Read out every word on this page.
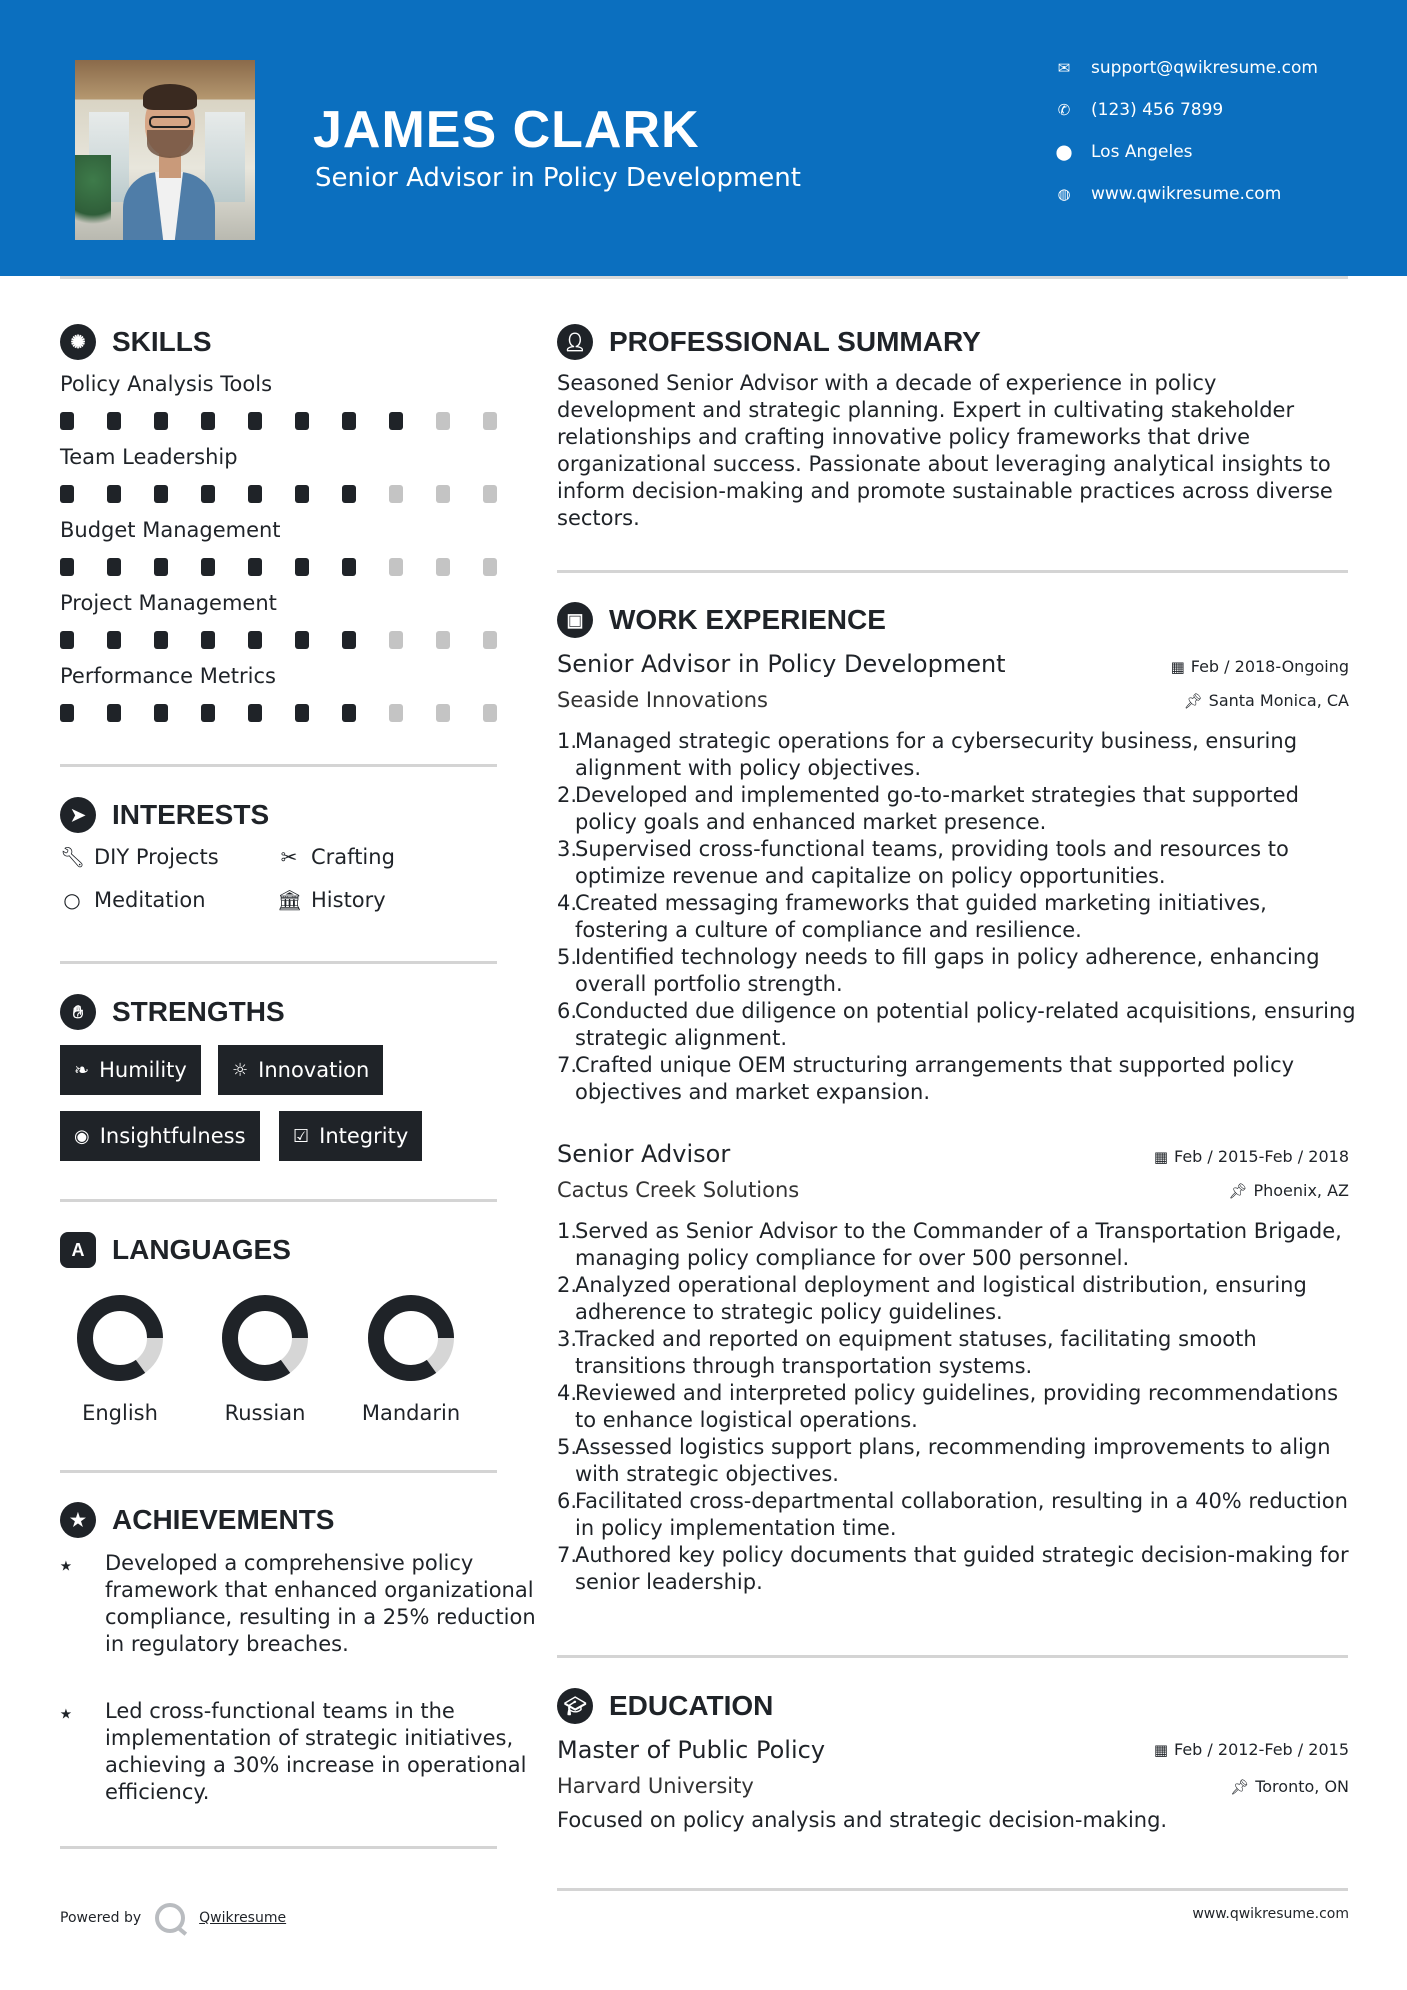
JAMES CLARK
Senior Advisor in Policy Development
✉ support@qwikresume.com
✆ (123) 456 7899
⬤ Los Angeles
◍ www.qwikresume.com
✺ SKILLS
Policy Analysis Tools
Team Leadership
Budget Management
Project Management
Performance Metrics
➤ INTERESTS
🔧︎ DIY Projects	✂ Crafting
○ Meditation	🏛︎ History
✋︎	STRENGTHS
❧ Humility	☼ Innovation
◉ Insightfulness	☑ Integrity
A LANGUAGES
English	Russian	Mandarin
★ ACHIEVEMENTS
⭑ Developed a comprehensive policy framework that enhanced organizational compliance, resulting in a 25% reduction in regulatory breaches.
⭑ Led cross-functional teams in the implementation of strategic initiatives, achieving a 30% increase in operational efficiency.
👤︎ PROFESSIONAL SUMMARY
Seasoned Senior Advisor with a decade of experience in policy development and strategic planning. Expert in cultivating stakeholder relationships and crafting innovative policy frameworks that drive organizational success. Passionate about leveraging analytical insights to inform decision-making and promote sustainable practices across diverse sectors.
▣ WORK EXPERIENCE
Senior Advisor in Policy Development	▦ Feb / 2018-Ongoing
Seaside Innovations	📌︎ Santa Monica, CA
1.
Managed strategic operations for a cybersecurity business, ensuring alignment with policy objectives.
2.
Developed and implemented go-to-market strategies that supported policy goals and enhanced market presence.
3.
Supervised cross-functional teams, providing tools and resources to optimize revenue and capitalize on policy opportunities.
4.
Created messaging frameworks that guided marketing initiatives, fostering a culture of compliance and resilience.
5.
Identified technology needs to fill gaps in policy adherence, enhancing overall portfolio strength.
6.
Conducted due diligence on potential policy-related acquisitions, ensuring strategic alignment.
7.
Crafted unique OEM structuring arrangements that supported policy objectives and market expansion.
Senior Advisor	▦ Feb / 2015-Feb / 2018
Cactus Creek Solutions	📌︎ Phoenix, AZ
1.
Served as Senior Advisor to the Commander of a Transportation Brigade, managing policy compliance for over 500 personnel.
2.
Analyzed operational deployment and logistical distribution, ensuring adherence to strategic policy guidelines.
3.
Tracked and reported on equipment statuses, facilitating smooth transitions through transportation systems.
4.
Reviewed and interpreted policy guidelines, providing recommendations to enhance logistical operations.
5.
Assessed logistics support plans, recommending improvements to align with strategic objectives.
6.
Facilitated cross-departmental collaboration, resulting in a 40% reduction in policy implementation time.
7.
Authored key policy documents that guided strategic decision-making for senior leadership.
🎓︎ EDUCATION
Master of Public Policy	▦ Feb / 2012-Feb / 2015
Harvard University	📌︎ Toronto, ON
Focused on policy analysis and strategic decision-making.
Powered by	Qwikresume	www.qwikresume.com
